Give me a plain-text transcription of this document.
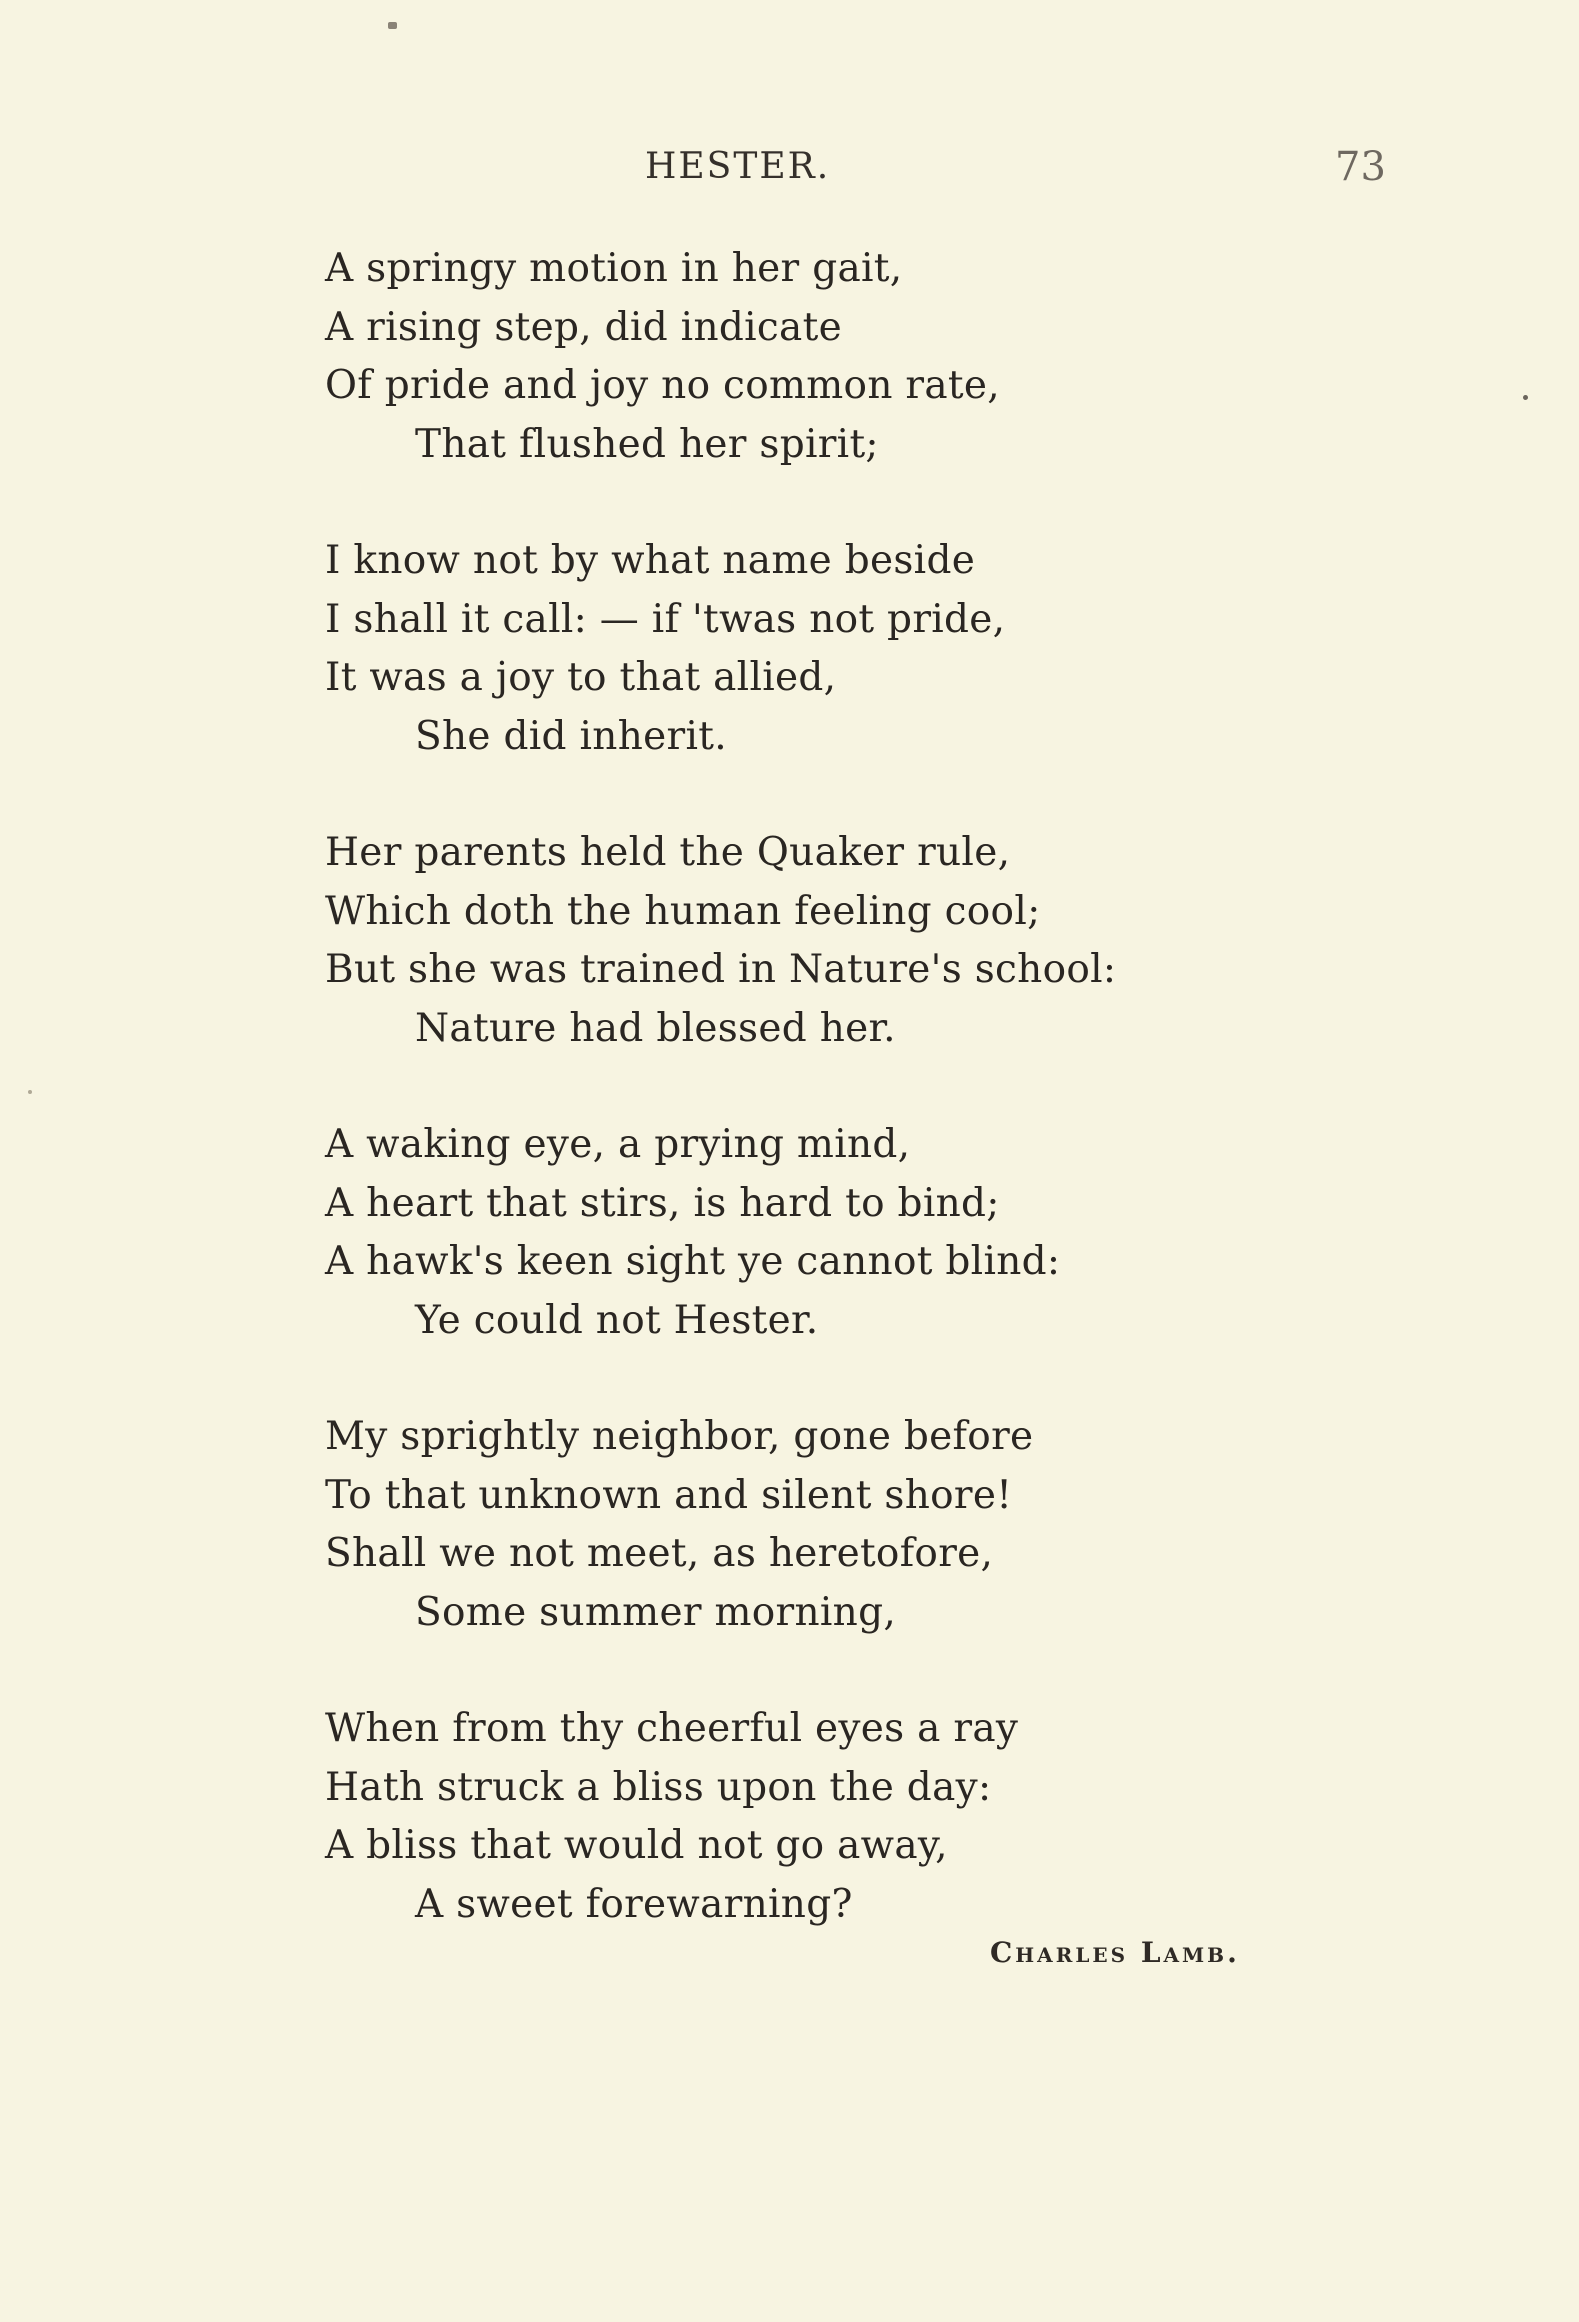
HESTER.	73
A springy motion in her gait,
A rising step, did indicate
Of pride and joy no common rate,
That flushed her spirit;
I know not by what name beside
I shall it call: — if 'twas not pride,
It was a joy to that allied,
She did inherit.
Her parents held the Quaker rule,
Which doth the human feeling cool;
But she was trained in Nature's school:
Nature had blessed her.
A waking eye, a prying mind,
A heart that stirs, is hard to bind;
A hawk's keen sight ye cannot blind:
Ye could not Hester.
My sprightly neighbor, gone before
To that unknown and silent shore!
Shall we not meet, as heretofore,
Some summer morning,
When from thy cheerful eyes a ray
Hath struck a bliss upon the day:
A bliss that would not go away,
A sweet forewarning?
Charles Lamb.
